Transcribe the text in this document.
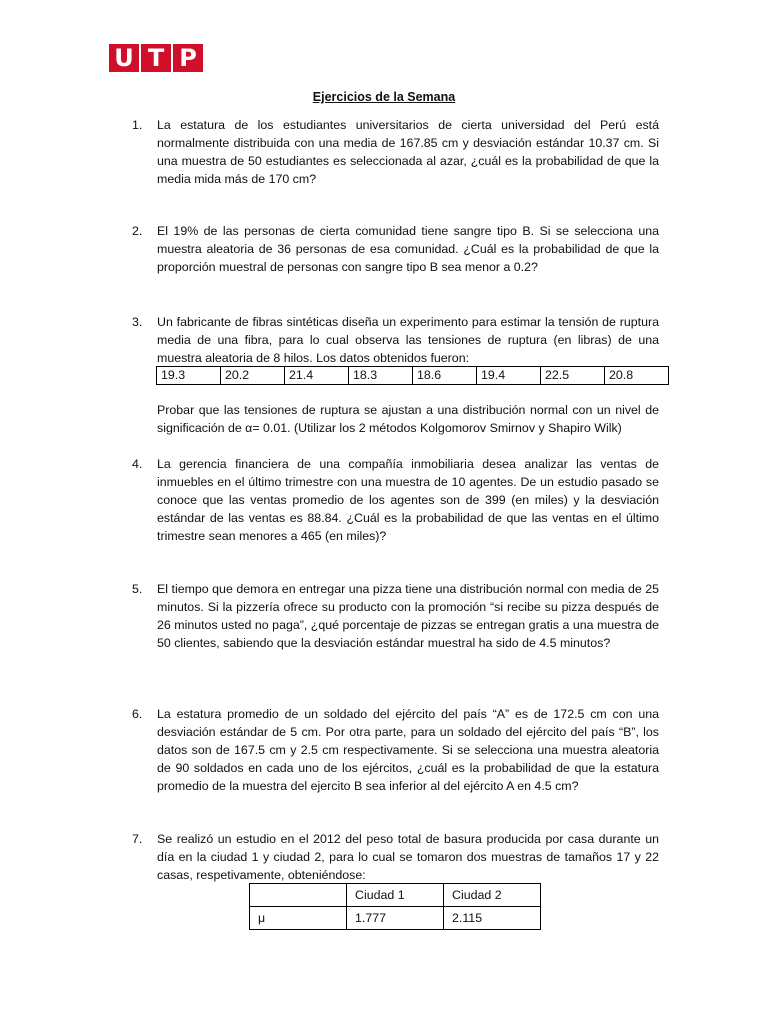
U T P
Ejercicios de la Semana
1. La estatura de los estudiantes universitarios de cierta universidad del Perú está normalmente distribuida con una media de 167.85 cm y desviación estándar 10.37 cm. Si una muestra de 50 estudiantes es seleccionada al azar, ¿cuál es la probabilidad de que la media mida más de 170 cm?
2. El 19% de las personas de cierta comunidad tiene sangre tipo B. Si se selecciona una muestra aleatoria de 36 personas de esa comunidad. ¿Cuál es la probabilidad de que la proporción muestral de personas con sangre tipo B sea menor a 0.2?
3. Un fabricante de fibras sintéticas diseña un experimento para estimar la tensión de ruptura media de una fibra, para lo cual observa las tensiones de ruptura (en libras) de una muestra aleatoria de 8 hilos. Los datos obtenidos fueron:
19.3	20.2	21.4	18.3	18.6	19.4	22.5	20.8
Probar que las tensiones de ruptura se ajustan a una distribución normal con un nivel de significación de α= 0.01. (Utilizar los 2 métodos Kolgomorov Smirnov y Shapiro Wilk)
4. La gerencia financiera de una compañía inmobiliaria desea analizar las ventas de inmuebles en el último trimestre con una muestra de 10 agentes. De un estudio pasado se conoce que las ventas promedio de los agentes son de 399 (en miles) y la desviación estándar de las ventas es 88.84. ¿Cuál es la probabilidad de que las ventas en el último trimestre sean menores a 465 (en miles)?
5. El tiempo que demora en entregar una pizza tiene una distribución normal con media de 25 minutos. Si la pizzería ofrece su producto con la promoción “si recibe su pizza después de 26 minutos usted no paga”, ¿qué porcentaje de pizzas se entregan gratis a una muestra de 50 clientes, sabiendo que la desviación estándar muestral ha sido de 4.5 minutos?
6. La estatura promedio de un soldado del ejército del país “A” es de 172.5 cm con una desviación estándar de 5 cm. Por otra parte, para un soldado del ejército del país “B”, los datos son de 167.5 cm y 2.5 cm respectivamente. Si se selecciona una muestra aleatoria de 90 soldados en cada uno de los ejércitos, ¿cuál es la probabilidad de que la estatura promedio de la muestra del ejercito B sea inferior al del ejército A en 4.5 cm?
7. Se realizó un estudio en el 2012 del peso total de basura producida por casa durante un día en la ciudad 1 y ciudad 2, para lo cual se tomaron dos muestras de tamaños 17 y 22 casas, respetivamente, obteniéndose:
	Ciudad 1	Ciudad 2
μ	1.777	2.115
